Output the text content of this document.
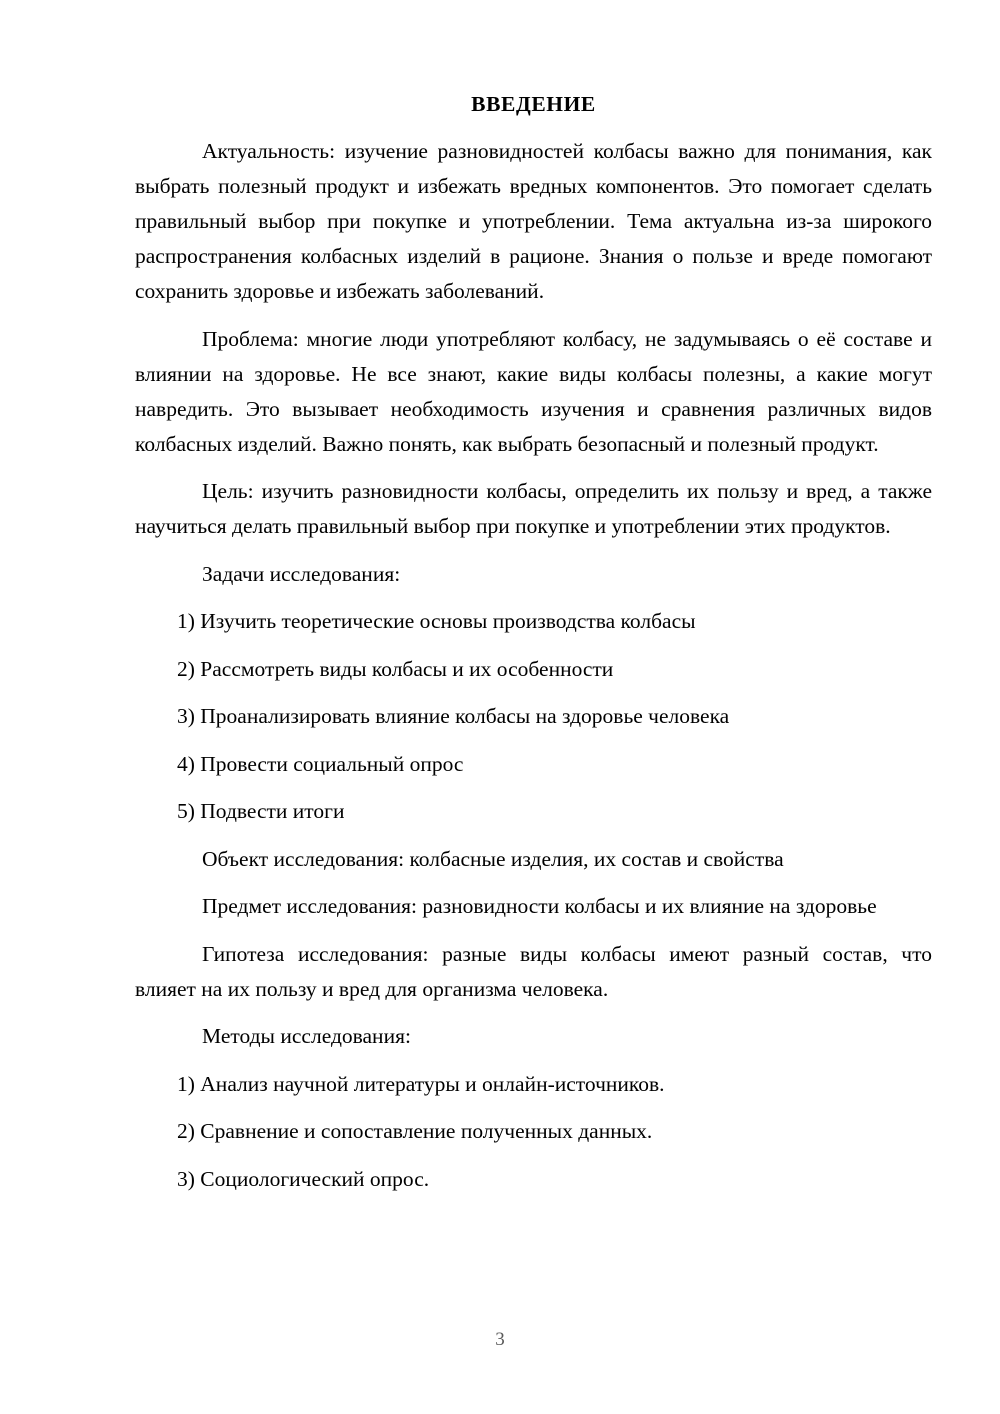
ВВЕДЕНИЕ

Актуальность: изучение разновидностей колбасы важно для понимания, как выбрать полезный продукт и избежать вредных компонентов. Это помогает сделать правильный выбор при покупке и употреблении. Тема актуальна из-за широкого распространения колбасных изделий в рационе. Знания о пользе и вреде помогают сохранить здоровье и избежать заболеваний.

Проблема: многие люди употребляют колбасу, не задумываясь о её составе и влиянии на здоровье. Не все знают, какие виды колбасы полезны, а какие могут навредить. Это вызывает необходимость изучения и сравнения различных видов колбасных изделий. Важно понять, как выбрать безопасный и полезный продукт.

Цель: изучить разновидности колбасы, определить их пользу и вред, а также научиться делать правильный выбор при покупке и употреблении этих продуктов.

Задачи исследования:

1) Изучить теоретические основы производства колбасы

2) Рассмотреть виды колбасы и их особенности

3) Проанализировать влияние колбасы на здоровье человека

4) Провести социальный опрос

5) Подвести итоги

Объект исследования: колбасные изделия, их состав и свойства

Предмет исследования: разновидности колбасы и их влияние на здоровье

Гипотеза исследования: разные виды колбасы имеют разный состав, что влияет на их пользу и вред для организма человека.

Методы исследования:

1) Анализ научной литературы и онлайн-источников.

2) Сравнение и сопоставление полученных данных.

3) Социологический опрос.

3
